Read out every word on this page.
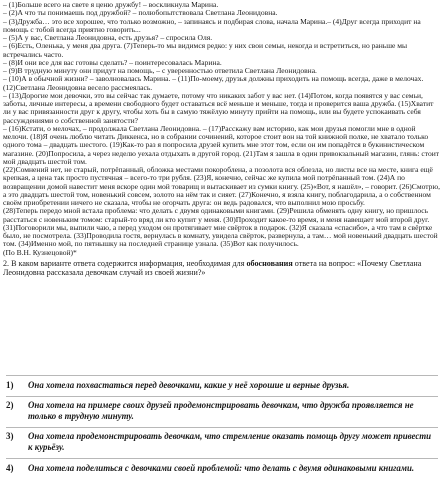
– (1)Больше всего на свете я ценю дружбу! – воскликнула Марина.

– (2)А что ты понимаешь под дружбой? – полюбопытствовала Светлана Леонидовна.

– (3)Дружба… это все хорошее, что только возможно, – запинаясь и подбирая слова, начала Марина.– (4)Друг всегда приходит на помощь с тобой всегда приятно говорить...

– (5)А у вас, Светлана Леонидовна, есть друзья? – спросила Оля.

– (6)Есть, Оленька, у меня два друга. (7)Теперь-то мы видимся редко: у них свои семьи, некогда и встретиться, но раньше мы встречались часто.

– (8)И они все для вас готовы сделать? – поинтересовалась Марина.

– (9)В трудную минуту они придут на помощь, – с уверенностью ответила Светлана Леонидовна.

– (10)А в обычной жизни? – заволновалась Марина. – (11)По-моему, друзья должны приходить на помощь всегда, даже в мелочах.

(12)Светлана Леонидовна весело рассмеялась.

– (13)Дорогие мои девочки, это вы сейчас так думаете, потому что никаких забот у вас нет. (14)Потом, когда появятся у вас семьи, заботы, личные интересы, а времени свободного будет оставаться всё меньше и меньше, тогда и проверится ваша дружба. (15)Хватит ли у вас привязанности друг к другу, чтобы хоть бы в самую тяжёлую минуту прийти на помощь, или вы будете успокаивать себя рассуждениями о собственной занятости?

– (16)Кстати, о мелочах, – продолжала Светлана Леонидовна. – (17)Расскажу вам историю, как мои друзья помогли мне в одной мелочи. (18)Я очень люблю читать Диккенса, но в собрании сочинений, которое стоит вон на той книжной полке, не хватало только одного тома – двадцать шестого. (19)Как-то раз я попросила друзей купить мне этот том, если он им попадётся в букинистическом магазине. (20)Попросила, а через неделю уехала отдыхать в другой город. (21)Там я зашла в один привокзальный магазин, глянь: стоит мой двадцать шестой том.

(22)Сомнений нет, не старый, потрёпанный, обложка местами покороблена, а позолота вся облезла, но листы все на месте, книга ещё крепкая, а цена так просто пустячная – всего-то три рубля. (23)Я, конечно, сейчас же купила мой потрёпанный том. (24)А по возвращении домой навестит меня вскоре один мой товарищ и вытаскивает из сумки книгу. (25)«Вот, я нашёл», – говорит. (26)Смотрю, а это двадцать шестой том, новенький совсем, золото на нём так и сияет. (27)Конечно, я взяла книгу, поблагодарила, а о собственном своём приобретении ничего не сказала, чтобы не огорчать друга: он ведь радовался, что выполнил мою просьбу.

(28)Теперь передо мной встала проблема: что делать с двумя одинаковыми книгами. (29)Решила обменять одну книгу, но пришлось расстаться с новеньким томом: старый-то вряд ли кто купит у меня. (30)Проходит какое-то время, и меня навещает мой второй друг. (31)Поговорили мы, выпили чаю, а перед уходом он протягивает мне свёрток в подарок. (32)Я сказала «спасибо», а что там в свёртке было, не посмотрела. (33)Проводила гостя, вернулась в комнату, увидела свёрток, развернула, а там… мой новенький двадцать шестой том. (34)Именно мой, по пятнышку на последней странице узнала. (35)Вот как получилось.

(По В.Н. Кузнецовой)*

2. В каком варианте ответа содержится информация, необходимая для обоснования ответа на вопрос: «Почему Светлана Леонидовна рассказала девочкам случай из своей жизни?»
1)	Она хотела похвастаться перед девочками, какие у неё хорошие и верные друзья.
2)	Она хотела на примере своих друзей продемонстрировать девочкам, что дружба проявляется не только в трудную минуту.
3)	Она хотела продемонстрировать девочкам, что стремление оказать помощь другу может привести к курьёзу.
4)	Она хотела поделиться с девочками своей проблемой: что делать с двумя одинаковыми книгами.
